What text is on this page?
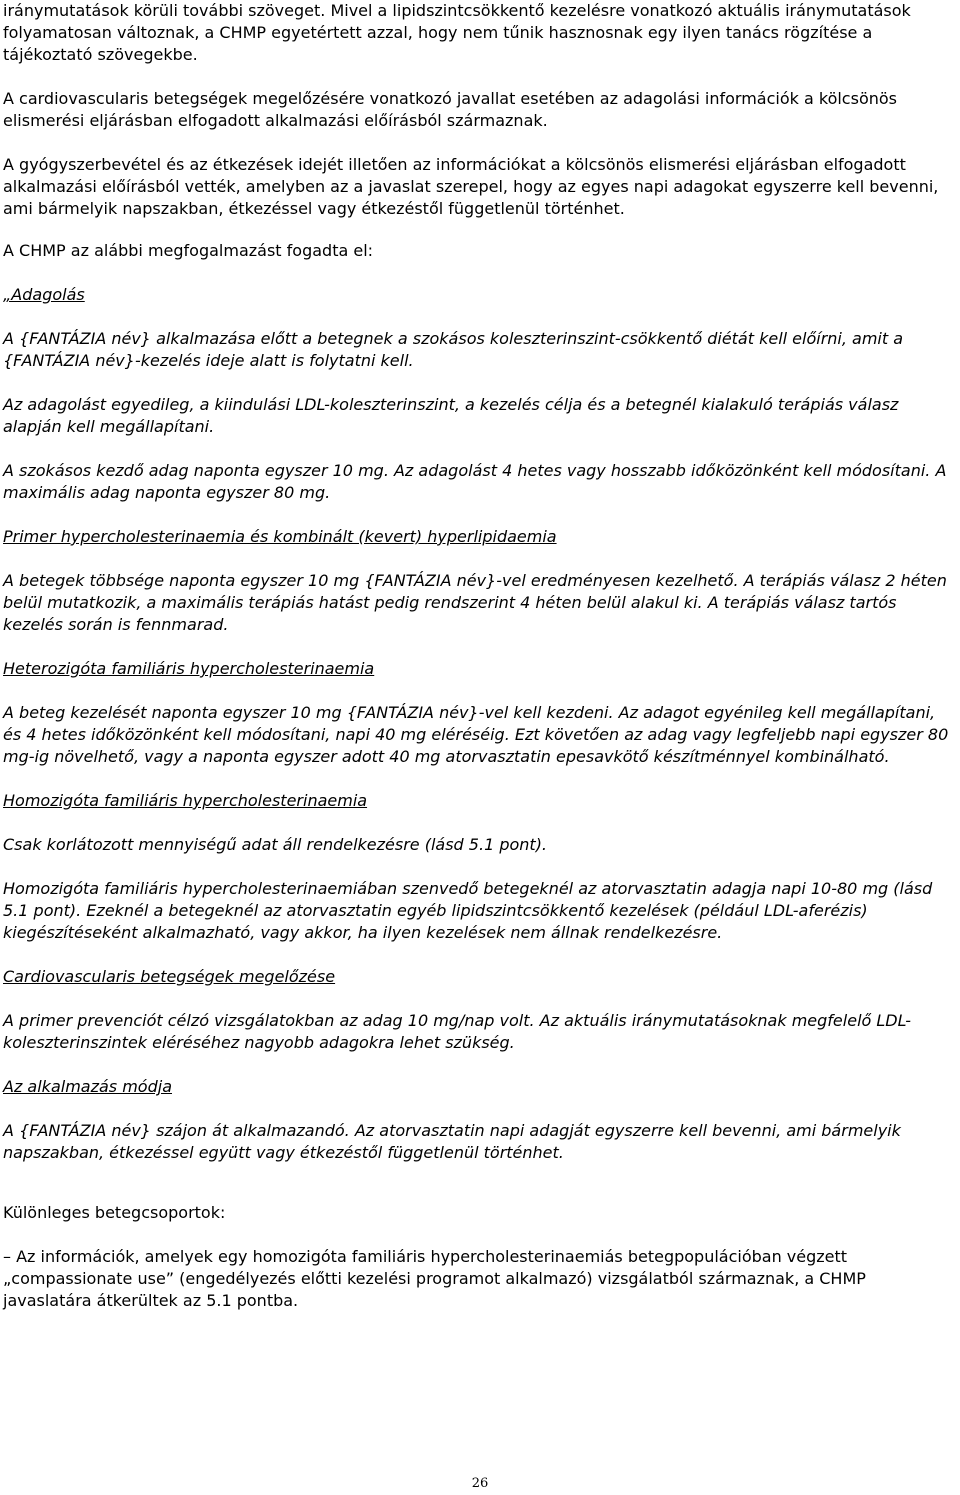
iránymutatások körüli további szöveget. Mivel a lipidszintcsökkentő kezelésre vonatkozó aktuális iránymutatások folyamatosan változnak, a CHMP egyetértett azzal, hogy nem tűnik hasznosnak egy ilyen tanács rögzítése a tájékoztató szövegekbe.

A cardiovascularis betegségek megelőzésére vonatkozó javallat esetében az adagolási információk a kölcsönös elismerési eljárásban elfogadott alkalmazási előírásból származnak.

A gyógyszerbevétel és az étkezések idejét illetően az információkat a kölcsönös elismerési eljárásban elfogadott alkalmazási előírásból vették, amelyben az a javaslat szerepel, hogy az egyes napi adagokat egyszerre kell bevenni, ami bármelyik napszakban, étkezéssel vagy étkezéstől függetlenül történhet.

A CHMP az alábbi megfogalmazást fogadta el:

„Adagolás

A {FANTÁZIA név} alkalmazása előtt a betegnek a szokásos koleszterinszint-csökkentő diétát kell előírni, amit a {FANTÁZIA név}-kezelés ideje alatt is folytatni kell.

Az adagolást egyedileg, a kiindulási LDL-koleszterinszint, a kezelés célja és a betegnél kialakuló terápiás válasz alapján kell megállapítani.

A szokásos kezdő adag naponta egyszer 10 mg. Az adagolást 4 hetes vagy hosszabb időközönként kell módosítani. A maximális adag naponta egyszer 80 mg.

Primer hypercholesterinaemia és kombinált (kevert) hyperlipidaemia

A betegek többsége naponta egyszer 10 mg {FANTÁZIA név}-vel eredményesen kezelhető. A terápiás válasz 2 héten belül mutatkozik, a maximális terápiás hatást pedig rendszerint 4 héten belül alakul ki. A terápiás válasz tartós kezelés során is fennmarad.

Heterozigóta familiáris hypercholesterinaemia

A beteg kezelését naponta egyszer 10 mg {FANTÁZIA név}-vel kell kezdeni. Az adagot egyénileg kell megállapítani, és 4 hetes időközönként kell módosítani, napi 40 mg eléréséig. Ezt követően az adag vagy legfeljebb napi egyszer 80 mg-ig növelhető, vagy a naponta egyszer adott 40 mg atorvasztatin epesavkötő készítménnyel kombinálható.

Homozigóta familiáris hypercholesterinaemia

Csak korlátozott mennyiségű adat áll rendelkezésre (lásd 5.1 pont).

Homozigóta familiáris hypercholesterinaemiában szenvedő betegeknél az atorvasztatin adagja napi 10-80 mg (lásd 5.1 pont). Ezeknél a betegeknél az atorvasztatin egyéb lipidszintcsökkentő kezelések (például LDL-aferézis) kiegészítéseként alkalmazható, vagy akkor, ha ilyen kezelések nem állnak rendelkezésre.

Cardiovascularis betegségek megelőzése

A primer prevenciót célzó vizsgálatokban az adag 10 mg/nap volt. Az aktuális iránymutatásoknak megfelelő LDL-koleszterinszintek eléréséhez nagyobb adagokra lehet szükség.

Az alkalmazás módja

A {FANTÁZIA név} szájon át alkalmazandó. Az atorvasztatin napi adagját egyszerre kell bevenni, ami bármelyik napszakban, étkezéssel együtt vagy étkezéstől függetlenül történhet.

Különleges betegcsoportok:

– Az információk, amelyek egy homozigóta familiáris hypercholesterinaemiás betegpopulációban végzett „compassionate use” (engedélyezés előtti kezelési programot alkalmazó) vizsgálatból származnak, a CHMP javaslatára átkerültek az 5.1 pontba.

26
